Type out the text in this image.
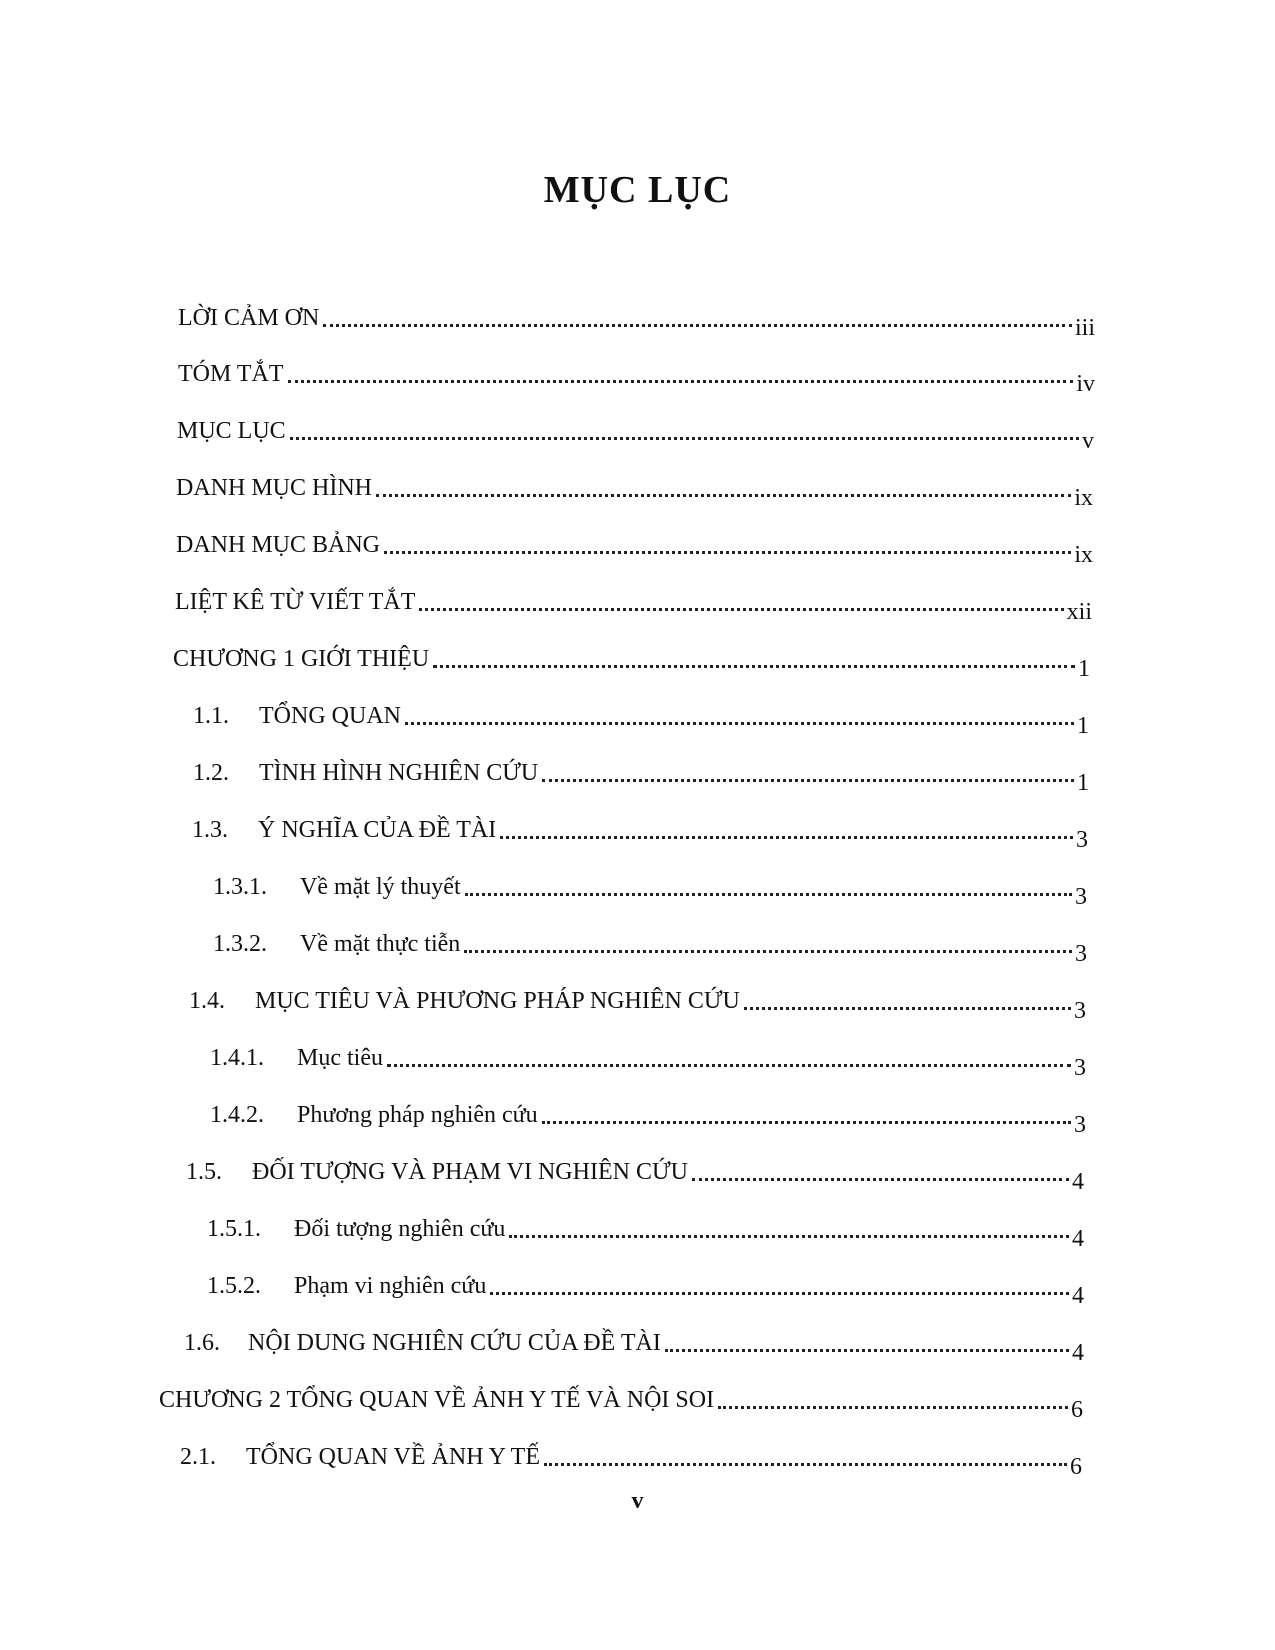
MỤC LỤC
LỜI CẢM ƠN	iii
TÓM TẮT	iv
MỤC LỤC	v
DANH MỤC HÌNH	ix
DANH MỤC BẢNG	ix
LIỆT KÊ TỪ VIẾT TẮT	xii
CHƯƠNG 1 GIỚI THIỆU	1
1.1.	TỔNG QUAN	1
1.2.	TÌNH HÌNH NGHIÊN CỨU	1
1.3.	Ý NGHĨA CỦA ĐỀ TÀI	3
1.3.1.	Về mặt lý thuyết	3
1.3.2.	Về mặt thực tiễn	3
1.4.	MỤC TIÊU VÀ PHƯƠNG PHÁP NGHIÊN CỨU	3
1.4.1.	Mục tiêu	3
1.4.2.	Phương pháp nghiên cứu	3
1.5.	ĐỐI TƯỢNG VÀ PHẠM VI NGHIÊN CỨU	4
1.5.1.	Đối tượng nghiên cứu	4
1.5.2.	Phạm vi nghiên cứu	4
1.6.	NỘI DUNG NGHIÊN CỨU CỦA ĐỀ TÀI	4
CHƯƠNG 2 TỔNG QUAN VỀ ẢNH Y TẾ VÀ NỘI SOI	6
2.1.	TỔNG QUAN VỀ ẢNH Y TẾ	6
v
